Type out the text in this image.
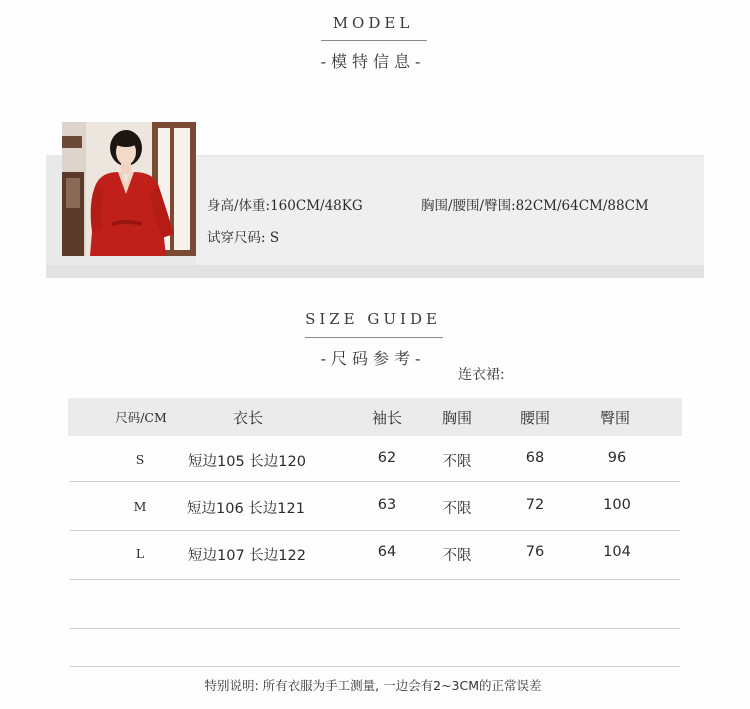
MODEL
-模特信息-
身高/体重:160CM/48KG	胸围/腰围/臀围:82CM/64CM/88CM
试穿尺码: S
SIZE GUIDE
-尺码参考-
连衣裙:
尺码/CM	衣长	袖长	胸围	腰围	臀围
S	短边105 长边120	62	不限	68	96
M	短边106 长边121	63	不限	72	100
L	短边107 长边122	64	不限	76	104
特别说明: 所有衣服为手工测量, 一边会有2~3CM的正常误差
